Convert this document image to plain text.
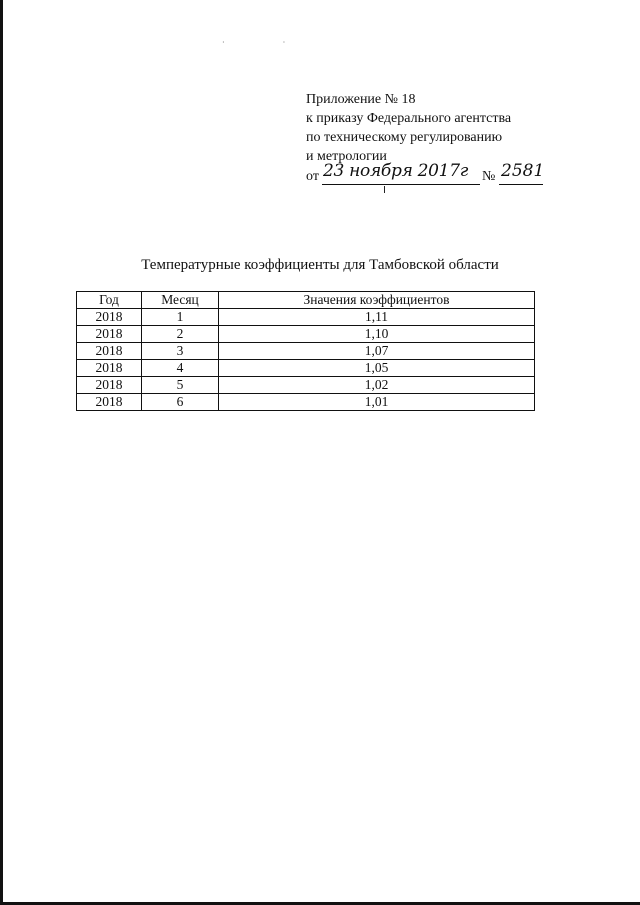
· ·
Приложение № 18
к приказу Федерального агентства
по техническому регулированию
и метрологии
от 23 ноября 2017г № 2581
Температурные коэффициенты для Тамбовской области
Год	Месяц	Значения коэффициентов
2018	1	1,11
2018	2	1,10
2018	3	1,07
2018	4	1,05
2018	5	1,02
2018	6	1,01
